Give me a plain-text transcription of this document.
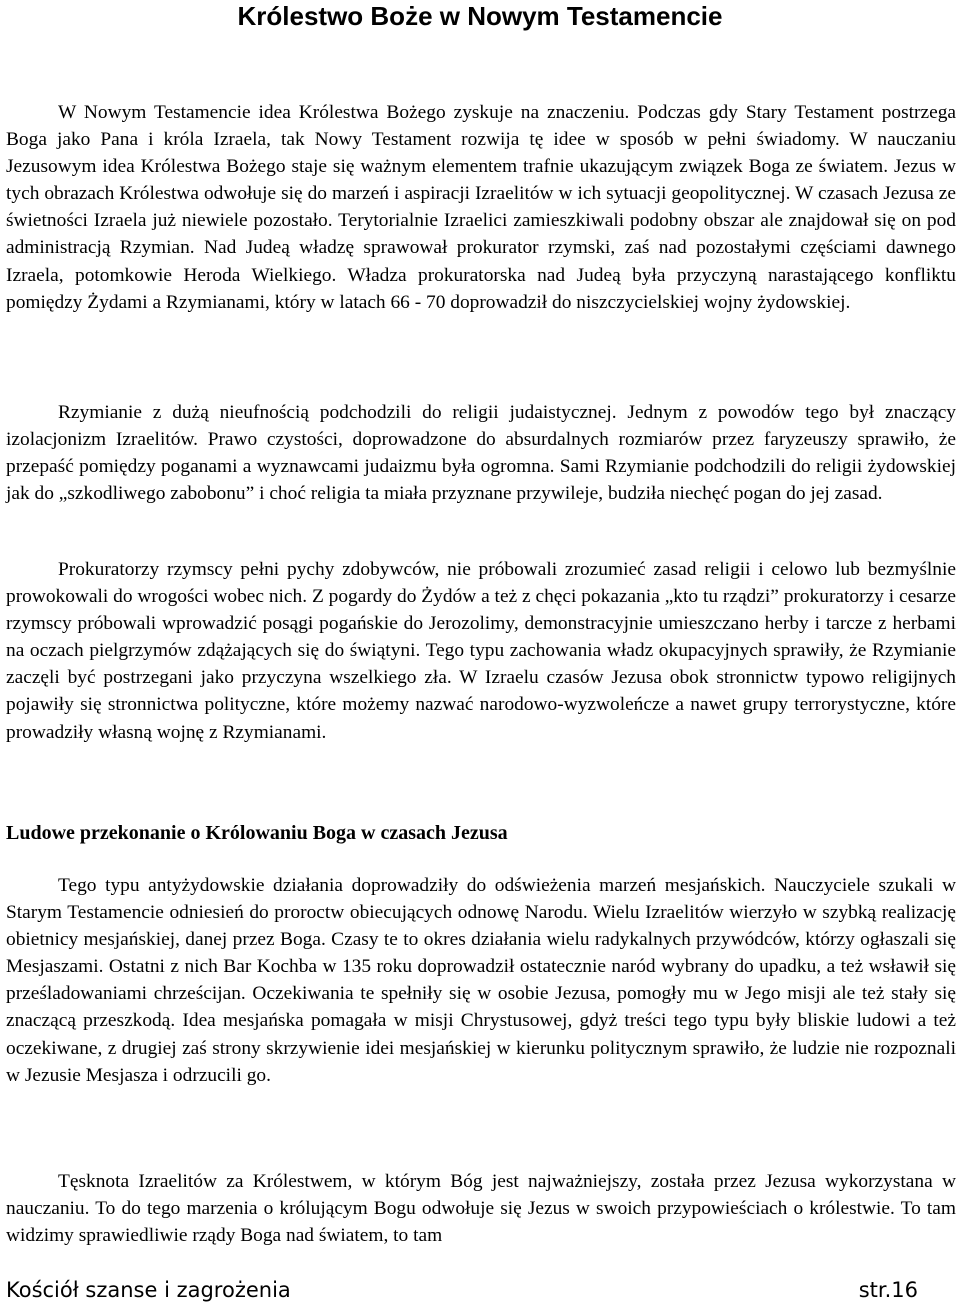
Królestwo Boże w Nowym Testamencie

W Nowym Testamencie idea Królestwa Bożego zyskuje na znaczeniu. Podczas gdy Stary Testament postrzega Boga jako Pana i króla Izraela, tak Nowy Testament rozwija tę idee w sposób w pełni świadomy. W nauczaniu Jezusowym idea Królestwa Bożego staje się ważnym elementem trafnie ukazującym związek Boga ze światem. Jezus w tych obrazach Królestwa odwołuje się do marzeń i aspiracji Izraelitów w ich sytuacji geopolitycznej. W czasach Jezusa ze świetności Izraela już niewiele pozostało. Terytorialnie Izraelici zamieszkiwali podobny obszar ale znajdował się on pod administracją Rzymian. Nad Judeą władzę sprawował prokurator rzymski, zaś nad pozostałymi częściami dawnego Izraela, potomkowie Heroda Wielkiego. Władza prokuratorska nad Judeą była przyczyną narastającego konfliktu pomiędzy Żydami a Rzymianami, który w latach 66 - 70 doprowadził do niszczycielskiej wojny żydowskiej.

Rzymianie z dużą nieufnością podchodzili do religii judaistycznej. Jednym z powodów tego był znaczący izolacjonizm Izraelitów. Prawo czystości, doprowadzone do absurdalnych rozmiarów przez faryzeuszy sprawiło, że przepaść pomiędzy poganami a wyznawcami judaizmu była ogromna. Sami Rzymianie podchodzili do religii żydowskiej jak do „szkodliwego zabobonu” i choć religia ta miała przyznane przywileje, budziła niechęć pogan do jej zasad.

Prokuratorzy rzymscy pełni pychy zdobywców, nie próbowali zrozumieć zasad religii i celowo lub bezmyślnie prowokowali do wrogości wobec nich. Z pogardy do Żydów a też z chęci pokazania „kto tu rządzi” prokuratorzy i cesarze rzymscy próbowali wprowadzić posągi pogańskie do Jerozolimy, demonstracyjnie umieszczano herby i tarcze z herbami na oczach pielgrzymów zdążających się do świątyni. Tego typu zachowania władz okupacyjnych sprawiły, że Rzymianie zaczęli być postrzegani jako przyczyna wszelkiego zła. W Izraelu czasów Jezusa obok stronnictw typowo religijnych pojawiły się stronnictwa polityczne, które możemy nazwać narodowo-wyzwoleńcze a nawet grupy terrorystyczne, które prowadziły własną wojnę z Rzymianami.

Ludowe przekonanie o Królowaniu Boga w czasach Jezusa

Tego typu antyżydowskie działania doprowadziły do odświeżenia marzeń mesjańskich. Nauczyciele szukali w Starym Testamencie odniesień do proroctw obiecujących odnowę Narodu. Wielu Izraelitów wierzyło w szybką realizację obietnicy mesjańskiej, danej przez Boga. Czasy te to okres działania wielu radykalnych przywódców, którzy ogłaszali się Mesjaszami. Ostatni z nich Bar Kochba w 135 roku doprowadził ostatecznie naród wybrany do upadku, a też wsławił się prześladowaniami chrześcijan. Oczekiwania te spełniły się w osobie Jezusa, pomogły mu w Jego misji ale też stały się znaczącą przeszkodą. Idea mesjańska pomagała w misji Chrystusowej, gdyż treści tego typu były bliskie ludowi a też oczekiwane, z drugiej zaś strony skrzywienie idei mesjańskiej w kierunku politycznym sprawiło, że ludzie nie rozpoznali w Jezusie Mesjasza i odrzucili go.

Tęsknota Izraelitów za Królestwem, w którym Bóg jest najważniejszy, została przez Jezusa wykorzystana w nauczaniu. To do tego marzenia o królującym Bogu odwołuje się Jezus w swoich przypowieściach o królestwie. To tam widzimy sprawiedliwie rządy Boga nad światem, to tam

Kościół szanse i zagrożenia	str.16
